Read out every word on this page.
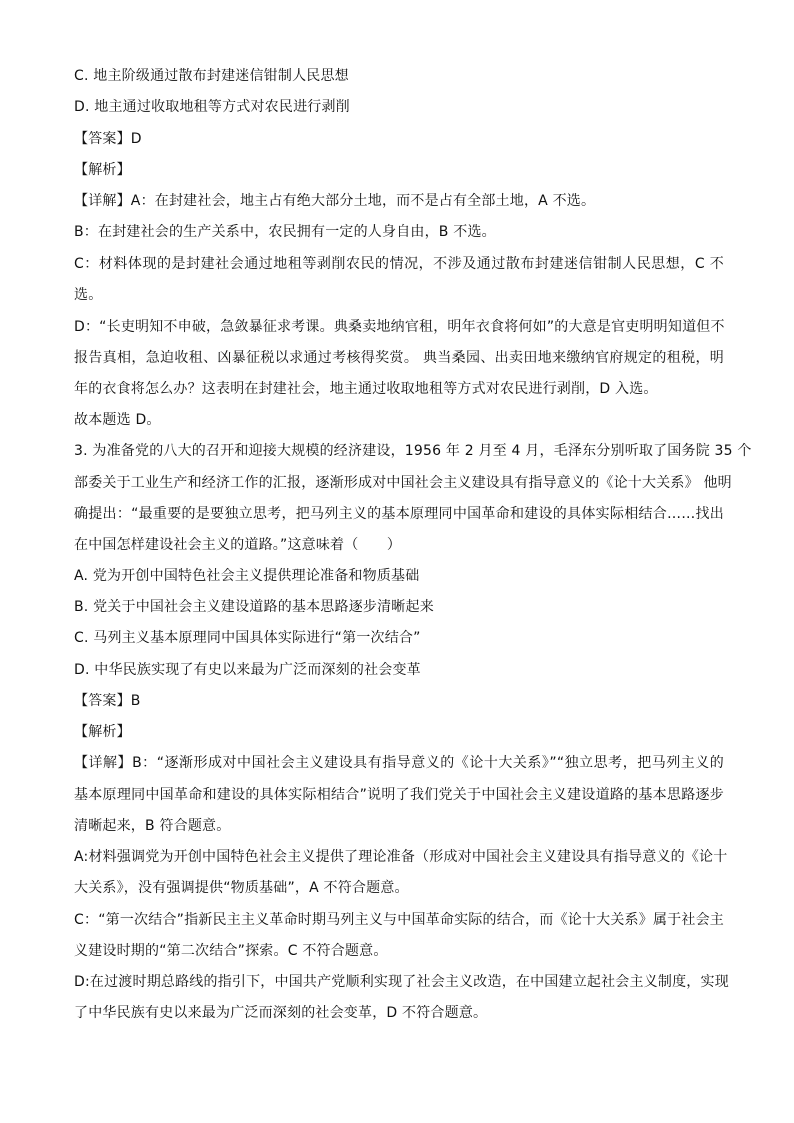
C. 地主阶级通过散布封建迷信钳制人民思想
D. 地主通过收取地租等方式对农民进行剥削
【答案】D
【解析】
【详解】A：在封建社会，地主占有绝大部分土地，而不是占有全部土地，A 不选。
B：在封建社会的生产关系中，农民拥有一定的人身自由，B 不选。
C：材料体现的是封建社会通过地租等剥削农民的情况，不涉及通过散布封建迷信钳制人民思想，C 不
选。
D：“长吏明知不申破，急敛暴征求考课。典桑卖地纳官租，明年衣食将何如”的大意是官吏明明知道但不
报告真相，急迫收租、凶暴征税以求通过考核得奖赏。 典当桑园、出卖田地来缴纳官府规定的租税，明
年的衣食将怎么办？这表明在封建社会，地主通过收取地租等方式对农民进行剥削，D 入选。
故本题选 D。
3. 为准备党的八大的召开和迎接大规模的经济建设，1956 年 2 月至 4 月，毛泽东分别听取了国务院 35 个
部委关于工业生产和经济工作的汇报，逐渐形成对中国社会主义建设具有指导意义的《论十大关系》 他明
确提出：“最重要的是要独立思考，把马列主义的基本原理同中国革命和建设的具体实际相结合……找出
在中国怎样建设社会主义的道路。”这意味着（　　）
A. 党为开创中国特色社会主义提供理论准备和物质基础
B. 党关于中国社会主义建设道路的基本思路逐步清晰起来
C. 马列主义基本原理同中国具体实际进行“第一次结合”
D. 中华民族实现了有史以来最为广泛而深刻的社会变革
【答案】B
【解析】
【详解】B：“逐渐形成对中国社会主义建设具有指导意义的《论十大关系》”“独立思考，把马列主义的
基本原理同中国革命和建设的具体实际相结合”说明了我们党关于中国社会主义建设道路的基本思路逐步
清晰起来，B 符合题意。
A:材料强调党为开创中国特色社会主义提供了理论准备（形成对中国社会主义建设具有指导意义的《论十
大关系》，没有强调提供“物质基础”，A 不符合题意。
C：“第一次结合”指新民主主义革命时期马列主义与中国革命实际的结合，而《论十大关系》属于社会主
义建设时期的“第二次结合”探索。C 不符合题意。
D:在过渡时期总路线的指引下，中国共产党顺利实现了社会主义改造，在中国建立起社会主义制度，实现
了中华民族有史以来最为广泛而深刻的社会变革，D 不符合题意。
